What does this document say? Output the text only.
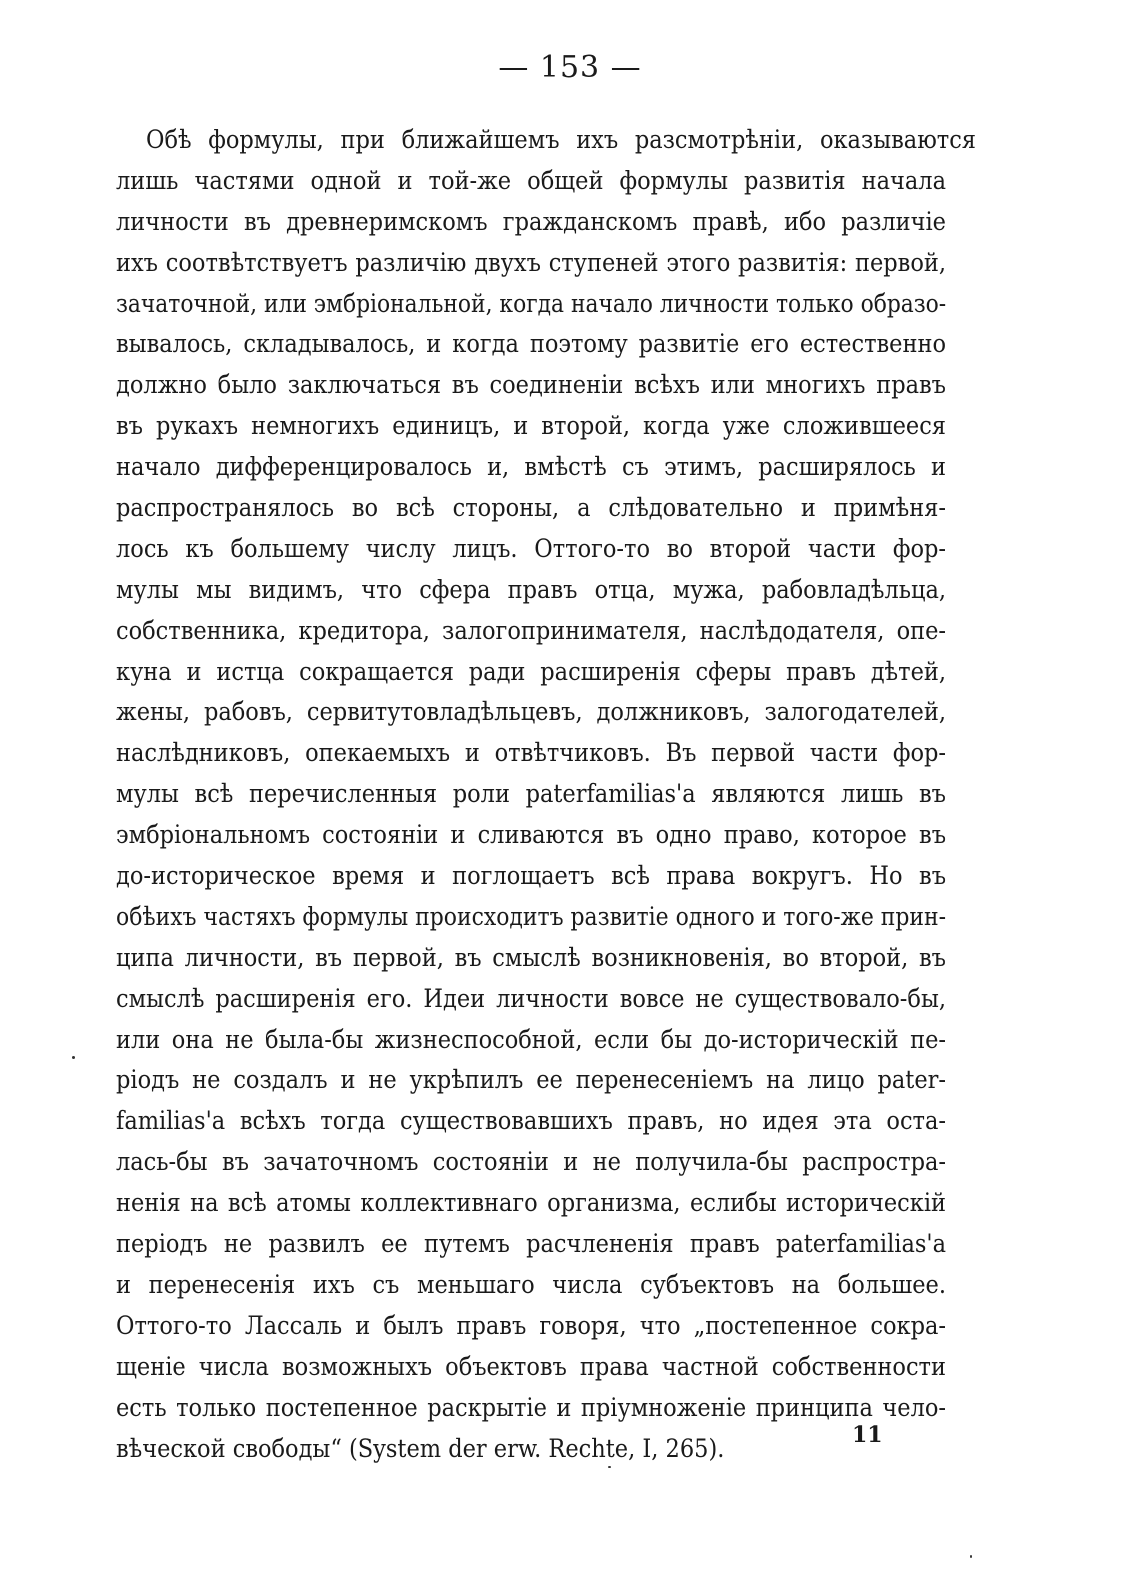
— 153 —
Обѣ формулы, при ближайшемъ ихъ разсмотрѣніи, оказываются
лишь частями одной и той-же общей формулы развитія начала
личности въ древнеримскомъ гражданскомъ правѣ, ибо различіе
ихъ соотвѣтствуетъ различію двухъ ступеней этого развитія: первой,
зачаточной, или эмбріональной, когда начало личности только образо-
вывалось, складывалось, и когда поэтому развитіе его естественно
должно было заключаться въ соединеніи всѣхъ или многихъ правъ
въ рукахъ немногихъ единицъ, и второй, когда уже сложившееся
начало дифференцировалось и, вмѣстѣ съ этимъ, расширялось и
распространялось во всѣ стороны, а слѣдовательно и примѣня-
лось къ большему числу лицъ. Оттого-то во второй части фор-
мулы мы видимъ, что сфера правъ отца, мужа, рабовладѣльца,
собственника, кредитора, залогопринимателя, наслѣдодателя, опе-
куна и истца сокращается ради расширенія сферы правъ дѣтей,
жены, рабовъ, сервитутовладѣльцевъ, должниковъ, залогодателей,
наслѣдниковъ, опекаемыхъ и отвѣтчиковъ. Въ первой части фор-
мулы всѣ перечисленныя роли paterfamilias'а являются лишь въ
эмбріональномъ состояніи и сливаются въ одно право, которое въ
до-историческое время и поглощаетъ всѣ права вокругъ. Но въ
обѣихъ частяхъ формулы происходитъ развитіе одного и того-же прин-
ципа личности, въ первой, въ смыслѣ возникновенія, во второй, въ
смыслѣ расширенія его. Идеи личности вовсе не существовало-бы,
или она не была-бы жизнеспособной, если бы до-историческій пе-
ріодъ не создалъ и не укрѣпилъ ее перенесеніемъ на лицо pater-
familias'а всѣхъ тогда существовавшихъ правъ, но идея эта оста-
лась-бы въ зачаточномъ состояніи и не получила-бы распростра-
ненія на всѣ атомы коллективнаго организма, еслибы историческій
періодъ не развилъ ее путемъ расчлененія правъ paterfamilias'а
и перенесенія ихъ съ меньшаго числа субъектовъ на большее.
Оттого-то Лассаль и былъ правъ говоря, что „постепенное сокра-
щеніе числа возможныхъ объектовъ права частной собственности
есть только постепенное раскрытіе и пріумноженіе принципа чело-
вѣческой свободы“ (System der erw. Rechte, I, 265).	11
